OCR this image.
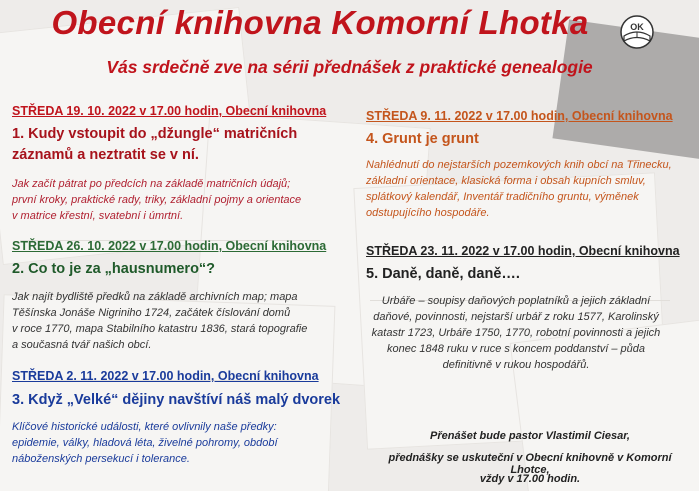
Obecní knihovna Komorní Lhotka	OK
Vás srdečně zve na sérii přednášek z praktické genealogie
STŘEDA 19. 10. 2022 v 17.00 hodin, Obecní knihovna
1. Kudy vstoupit do „džungle“ matričních
záznamů a neztratit se v ní.
Jak začít pátrat po předcích na základě matričních údajů;
první kroky, praktické rady, triky, základní pojmy a orientace
v matrice křestní, svatební i úmrtní.
STŘEDA 26. 10. 2022 v 17.00 hodin, Obecní knihovna
2. Co to je za „hausnumero“?
Jak najít bydliště předků na základě archivních map; mapa
Těšínska Jonáše Nigriniho 1724, začátek číslování domů
v roce 1770, mapa Stabilního katastru 1836, stará topografie
a současná tvář našich obcí.
STŘEDA 2. 11. 2022 v 17.00 hodin, Obecní knihovna
3. Když „Velké“ dějiny navštíví náš malý dvorek
Klíčové historické události, které ovlivnily naše předky:
epidemie, války, hladová léta, živelné pohromy, období
náboženských persekucí i tolerance.
STŘEDA 9. 11. 2022 v 17.00 hodin, Obecní knihovna
4. Grunt je grunt
Nahlédnutí do nejstarších pozemkových knih obcí na Třinecku,
základní orientace, klasická forma i obsah kupních smluv,
splátkový kalendář, Inventář tradičního gruntu, výměnek
odstupujícího hospodáře.
STŘEDA 23. 11. 2022 v 17.00 hodin, Obecní knihovna
5. Daně, daně, daně….
Urbáře – soupisy daňových poplatníků a jejich základní
daňové, povinnosti, nejstarší urbář z roku 1577, Karolinský
katastr 1723, Urbáře 1750, 1770, robotní povinnosti a jejich
konec 1848 ruku v ruce s koncem poddanství – půda
definitivně v rukou hospodářů.
Přenášet bude pastor Vlastimil Ciesar,
přednášky se uskuteční v Obecní knihovně v Komorní Lhotce,
vždy v 17.00 hodin.
